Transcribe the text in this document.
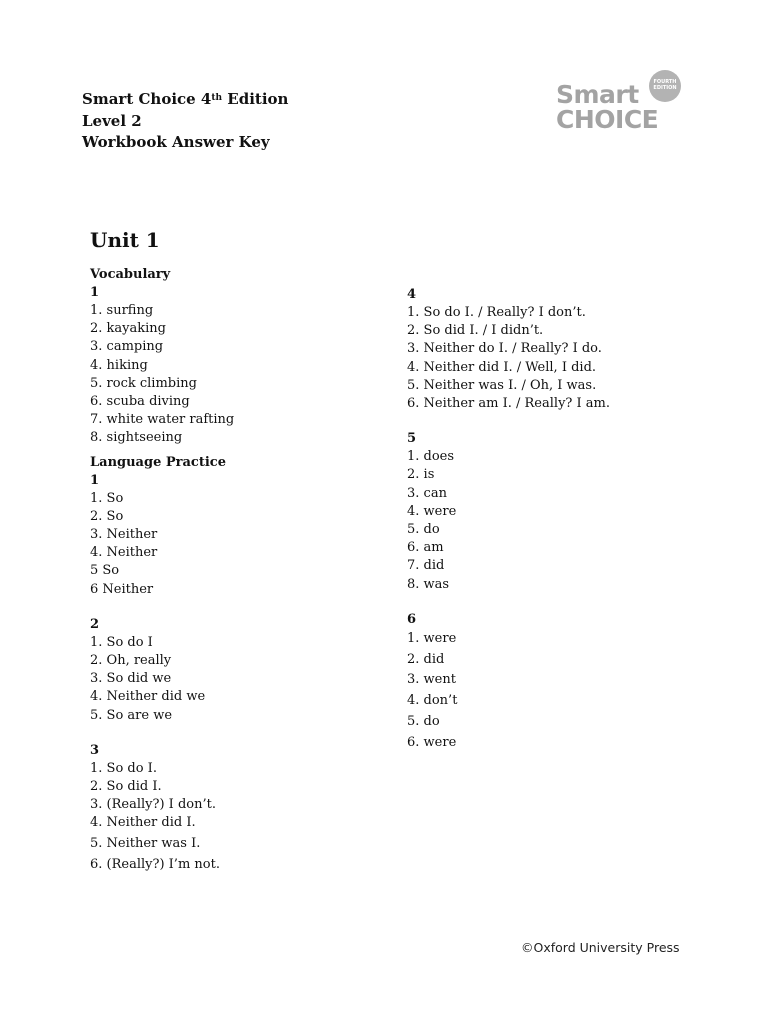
Smart Choice 4th Edition
Level 2
Workbook Answer Key
Smart
CHOICE
FOURTH
EDITION
Unit 1
Vocabulary
1
1. surfing
2. kayaking
3. camping
4. hiking
5. rock climbing
6. scuba diving
7. white water rafting
8. sightseeing
Language Practice
1
1. So
2. So
3. Neither
4. Neither
5 So
6 Neither
2
1. So do I
2. Oh, really
3. So did we
4. Neither did we
5. So are we
3
1. So do I.
2. So did I.
3. (Really?) I don’t.
4. Neither did I.
5. Neither was I.
6. (Really?) I’m not.
4
1. So do I. / Really? I don’t.
2. So did I. / I didn’t.
3. Neither do I. / Really? I do.
4. Neither did I. / Well, I did.
5. Neither was I. / Oh, I was.
6. Neither am I. / Really? I am.
5
1. does
2. is
3. can
4. were
5. do
6. am
7. did
8. was
6
1. were
2. did
3. went
4. don’t
5. do
6. were
©Oxford University Press
